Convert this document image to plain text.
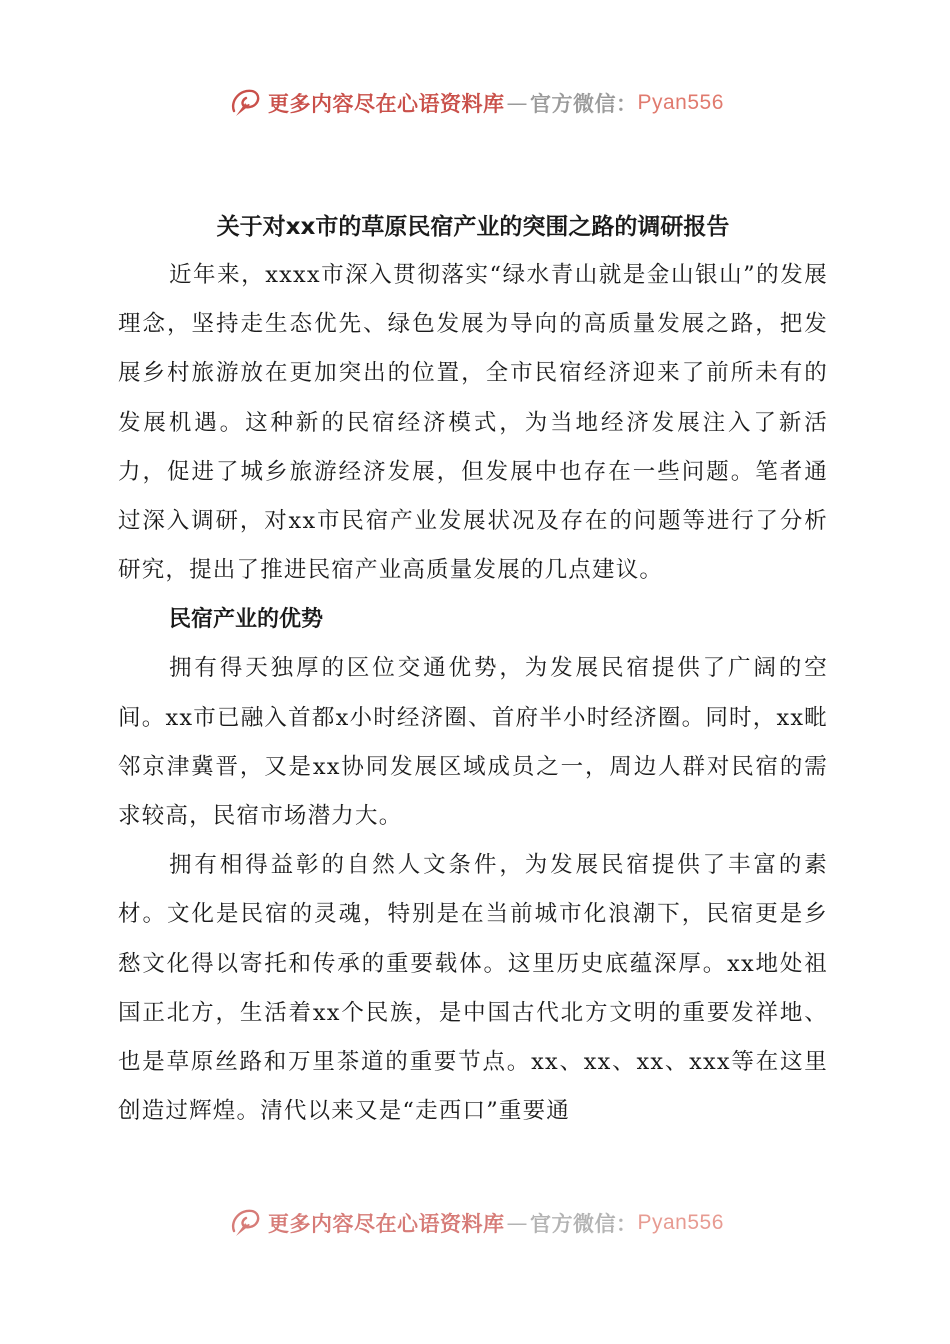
更多内容尽在心语资料库 — 官方微信： Pyan556
关于对xx市的草原民宿产业的突围之路的调研报告

近年来，xxxx市深入贯彻落实“绿水青山就是金山银山”的发展理念，坚持走生态优先、绿色发展为导向的高质量发展之路，把发展乡村旅游放在更加突出的位置，全市民宿经济迎来了前所未有的发展机遇。这种新的民宿经济模式，为当地经济发展注入了新活力，促进了城乡旅游经济发展，但发展中也存在一些问题。笔者通过深入调研，对xx市民宿产业发展状况及存在的问题等进行了分析研究，提出了推进民宿产业高质量发展的几点建议。

民宿产业的优势

拥有得天独厚的区位交通优势，为发展民宿提供了广阔的空间。xx市已融入首都x小时经济圈、首府半小时经济圈。同时，xx毗邻京津冀晋，又是xx协同发展区域成员之一，周边人群对民宿的需求较高，民宿市场潜力大。

拥有相得益彰的自然人文条件，为发展民宿提供了丰富的素材。文化是民宿的灵魂，特别是在当前城市化浪潮下，民宿更是乡愁文化得以寄托和传承的重要载体。这里历史底蕴深厚。xx地处祖国正北方，生活着xx个民族，是中国古代北方文明的重要发祥地、也是草原丝路和万里茶道的重要节点。xx、xx、xx、xxx等在这里创造过辉煌。清代以来又是“走西口”重要通

更多内容尽在心语资料库 — 官方微信： Pyan556
